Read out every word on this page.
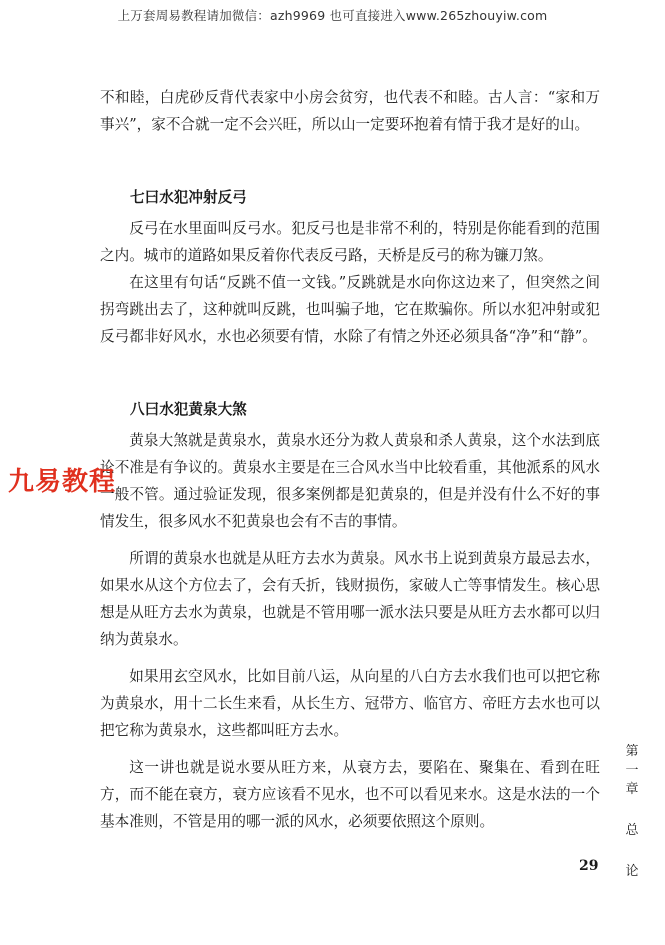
上万套周易教程请加微信：azh9969 也可直接进入www.265zhouyiw.com

不和睦，白虎砂反背代表家中小房会贫穷，也代表不和睦。古人言：“家和万事兴”，家不合就一定不会兴旺，所以山一定要环抱着有情于我才是好的山。

七曰水犯冲射反弓

反弓在水里面叫反弓水。犯反弓也是非常不利的，特别是你能看到的范围之内。城市的道路如果反着你代表反弓路，天桥是反弓的称为镰刀煞。

在这里有句话“反跳不值一文钱。”反跳就是水向你这边来了，但突然之间拐弯跳出去了，这种就叫反跳，也叫骗子地，它在欺骗你。所以水犯冲射或犯反弓都非好风水，水也必须要有情，水除了有情之外还必须具备“净”和“静”。

八曰水犯黄泉大煞

黄泉大煞就是黄泉水，黄泉水还分为救人黄泉和杀人黄泉，这个水法到底论不准是有争议的。黄泉水主要是在三合风水当中比较看重，其他派系的风水一般不管。通过验证发现，很多案例都是犯黄泉的，但是并没有什么不好的事情发生，很多风水不犯黄泉也会有不吉的事情。

所谓的黄泉水也就是从旺方去水为黄泉。风水书上说到黄泉方最忌去水，如果水从这个方位去了，会有夭折，钱财损伤，家破人亡等事情发生。核心思想是从旺方去水为黄泉，也就是不管用哪一派水法只要是从旺方去水都可以归纳为黄泉水。

如果用玄空风水，比如目前八运，从向星的八白方去水我们也可以把它称为黄泉水，用十二长生来看，从长生方、冠带方、临官方、帝旺方去水也可以把它称为黄泉水，这些都叫旺方去水。

这一讲也就是说水要从旺方来，从衰方去，要陷在、聚集在、看到在旺方，而不能在衰方，衰方应该看不见水，也不可以看见来水。这是水法的一个基本准则，不管是用的哪一派的风水，必须要依照这个原则。

九易教程
第
一
章
总
论
29
